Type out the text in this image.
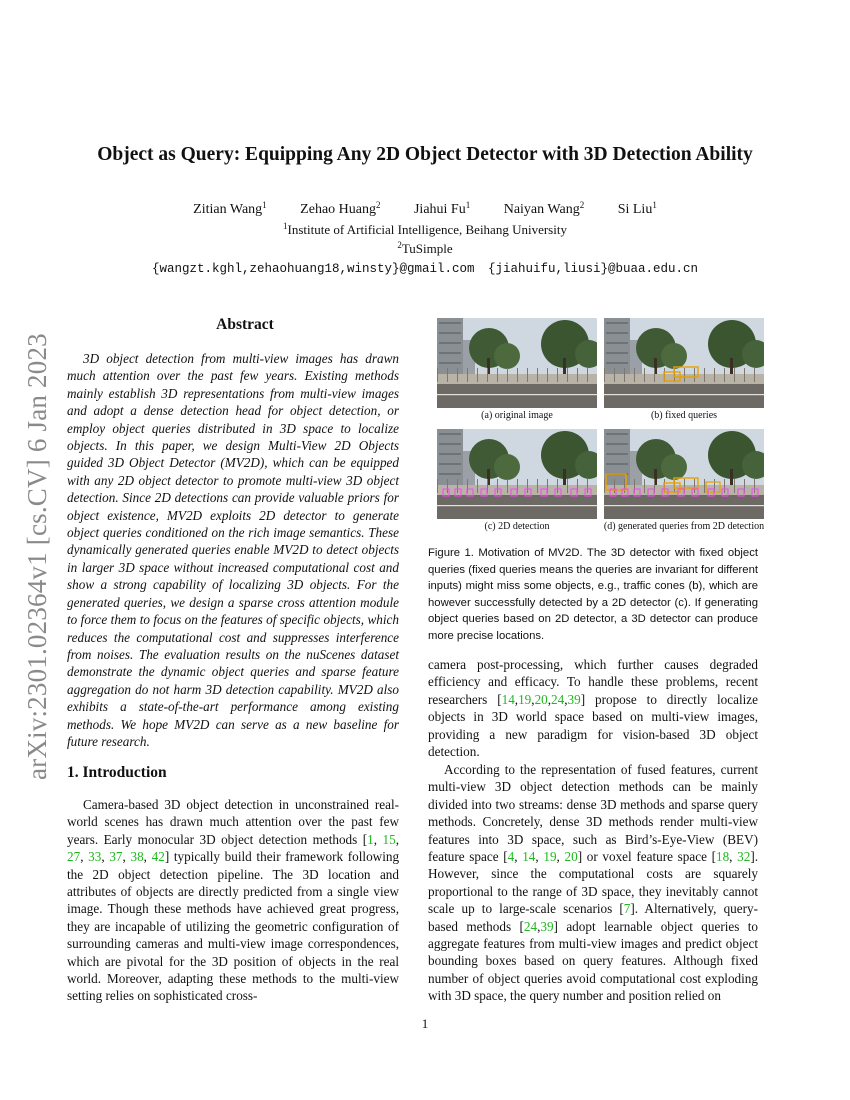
arXiv:2301.02364v1 [cs.CV] 6 Jan 2023
Object as Query: Equipping Any 2D Object Detector with 3D Detection Ability
Zitian Wang$^1$ Zehao Huang$^2$ Jiahui Fu$^1$ Naiyan Wang$^2$ Si Liu$^1$
$^1$Institute of Artificial Intelligence, Beihang University
$^2$TuSimple
{wangzt.kghl,zehaohuang18,winsty}@gmail.com {jiahuifu,liusi}@buaa.edu.cn
Abstract

3D object detection from multi-view images has drawn much attention over the past few years. Existing methods mainly establish 3D representations from multi-view images and adopt a dense detection head for object detection, or employ object queries distributed in 3D space to localize objects. In this paper, we design Multi-View 2D Objects guided 3D Object Detector (MV2D), which can be equipped with any 2D object detector to promote multi-view 3D object detection. Since 2D detections can provide valuable priors for object existence, MV2D exploits 2D detector to generate object queries conditioned on the rich image semantics. These dynamically generated queries enable MV2D to detect objects in larger 3D space without increased computational cost and show a strong capability of localizing 3D objects. For the generated queries, we design a sparse cross attention module to force them to focus on the features of specific objects, which reduces the computational cost and suppresses interference from noises. The evaluation results on the nuScenes dataset demonstrate the dynamic object queries and sparse feature aggregation do not harm 3D detection capability. MV2D also exhibits a state-of-the-art performance among existing methods. We hope MV2D can serve as a new baseline for future research.

1. Introduction

Camera-based 3D object detection in unconstrained real-world scenes has drawn much attention over the past few years. Early monocular 3D object detection methods [1, 15, 27, 33, 37, 38, 42] typically build their framework following the 2D object detection pipeline. The 3D location and attributes of objects are directly predicted from a single view image. Though these methods have achieved great progress, they are incapable of utilizing the geometric configuration of surrounding cameras and multi-view image correspondences, which are pivotal for the 3D position of objects in the real world. Moreover, adapting these methods to the multi-view setting relies on sophisticated cross-

(a) original image	(b) fixed queries
(c) 2D detection	(d) generated queries from 2D detection

Figure 1. Motivation of MV2D. The 3D detector with fixed object queries (fixed queries means the queries are invariant for different inputs) might miss some objects, e.g., traffic cones (b), which are however successfully detected by a 2D detector (c). If generating object queries based on 2D detector, a 3D detector can produce more precise locations.

camera post-processing, which further causes degraded efficiency and efficacy. To handle these problems, recent researchers [14,19,20,24,39] propose to directly localize objects in 3D world space based on multi-view images, providing a new paradigm for vision-based 3D object detection.

According to the representation of fused features, current multi-view 3D object detection methods can be mainly divided into two streams: dense 3D methods and sparse query methods. Concretely, dense 3D methods render multi-view features into 3D space, such as Bird’s-Eye-View (BEV) feature space [4, 14, 19, 20] or voxel feature space [18, 32]. However, since the computational costs are squarely proportional to the range of 3D space, they inevitably cannot scale up to large-scale scenarios [7]. Alternatively, query-based methods [24,39] adopt learnable object queries to aggregate features from multi-view images and predict object bounding boxes based on query features. Although fixed number of object queries avoid computational cost exploding with 3D space, the query number and position relied on

1
